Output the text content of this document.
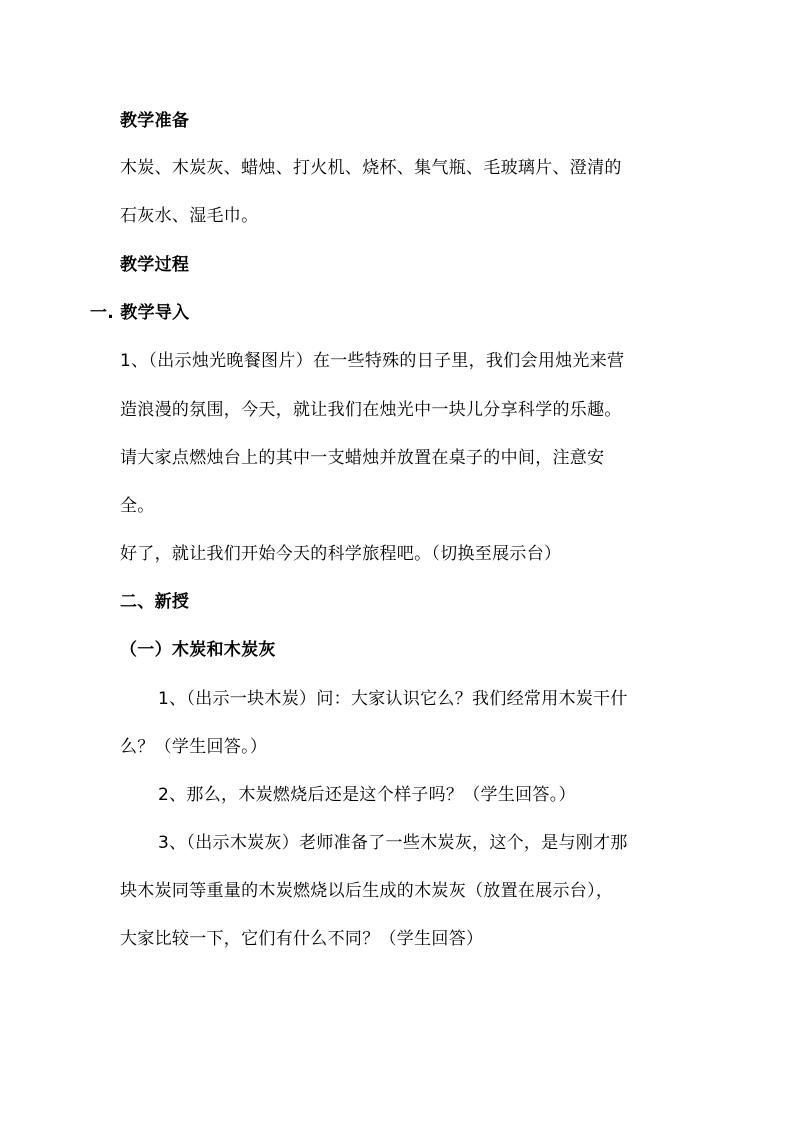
教学准备
木炭、木炭灰、蜡烛、打火机、烧杯、集气瓶、毛玻璃片、澄清的
石灰水、湿毛巾。
教学过程
一. 教学导入
1、（出示烛光晚餐图片）在一些特殊的日子里，我们会用烛光来营
造浪漫的氛围，今天，就让我们在烛光中一块儿分享科学的乐趣。
请大家点燃烛台上的其中一支蜡烛并放置在桌子的中间，注意安
全。
好了，就让我们开始今天的科学旅程吧。（切换至展示台）
二、新授
（一）木炭和木炭灰
1、（出示一块木炭）问：大家认识它么？我们经常用木炭干什
么？（学生回答。）
2、那么，木炭燃烧后还是这个样子吗？（学生回答。）
3、（出示木炭灰）老师准备了一些木炭灰，这个，是与刚才那
块木炭同等重量的木炭燃烧以后生成的木炭灰（放置在展示台），
大家比较一下，它们有什么不同？（学生回答）
